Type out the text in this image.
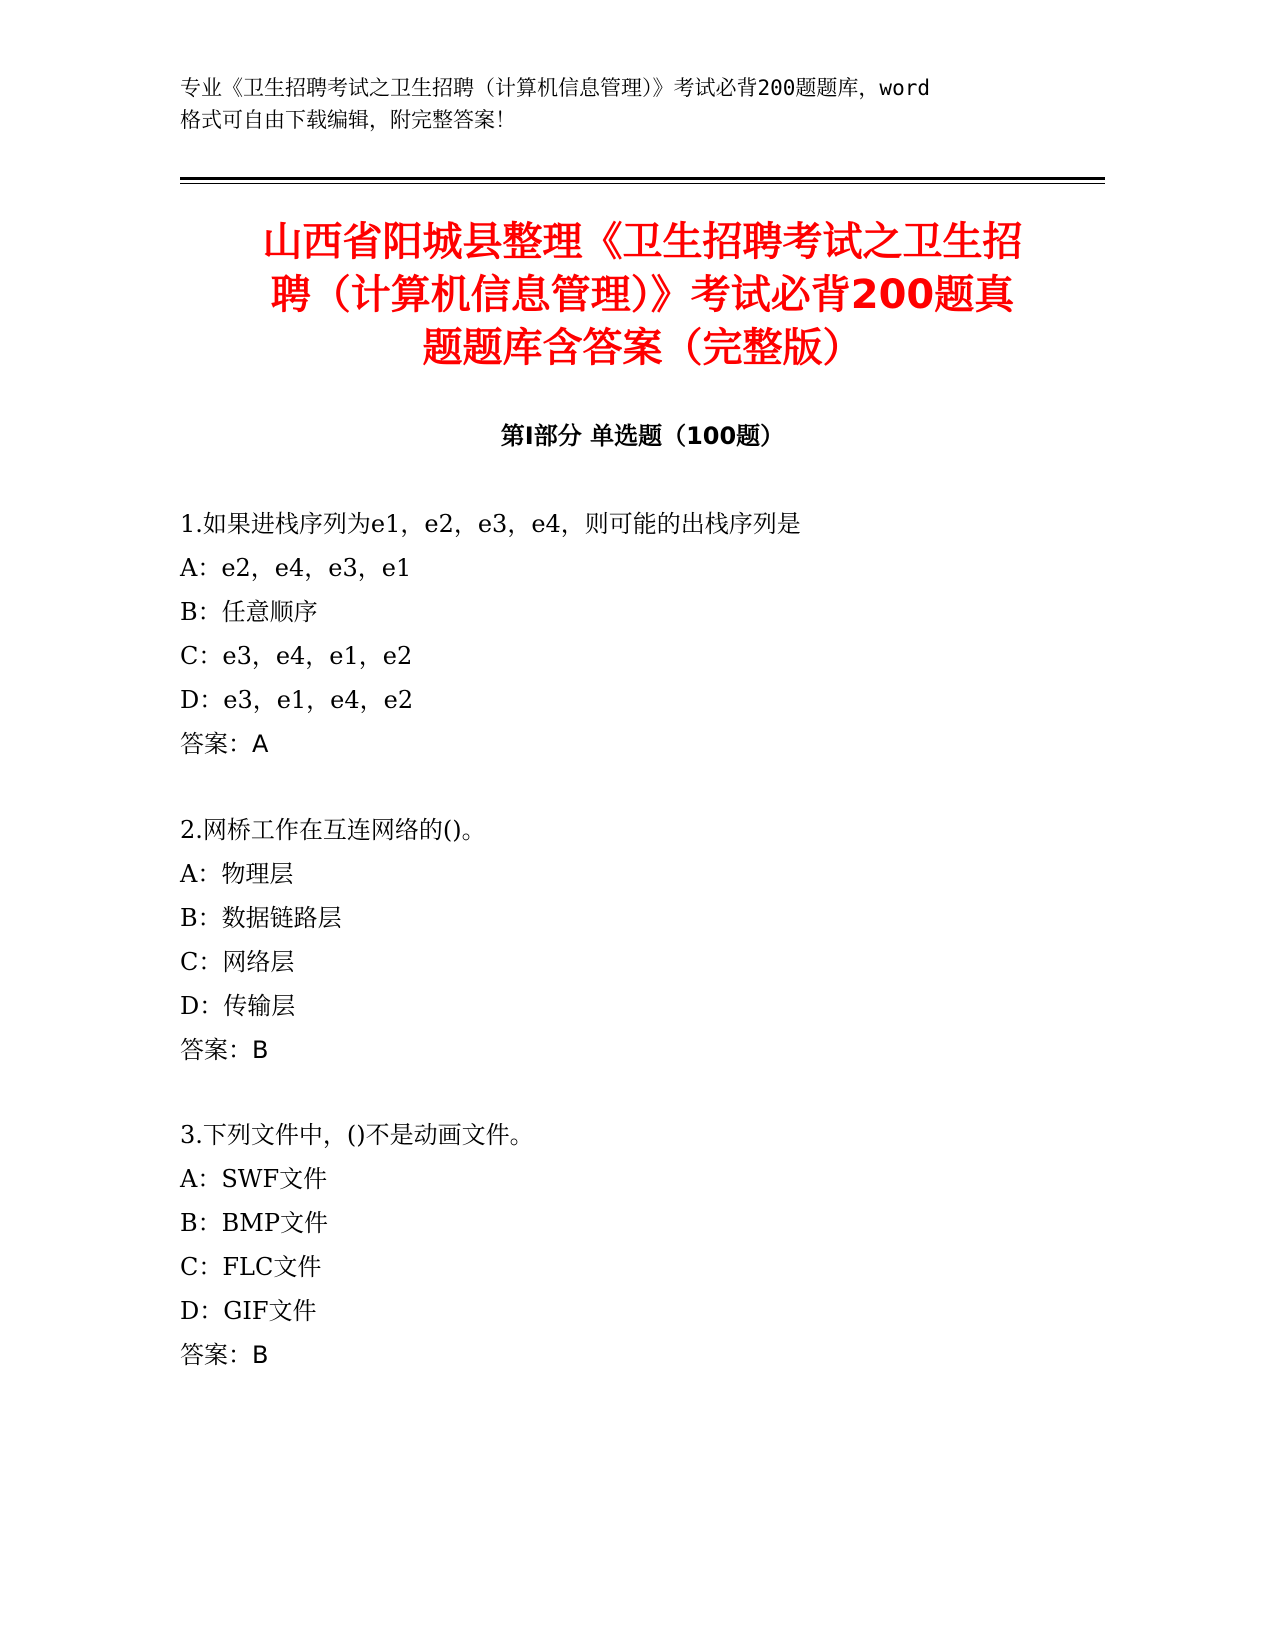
专业《卫生招聘考试之卫生招聘（计算机信息管理）》考试必背200题题库，word
格式可自由下载编辑，附完整答案！
山西省阳城县整理《卫生招聘考试之卫生招
聘（计算机信息管理）》考试必背200题真
题题库含答案（完整版）
第Ⅰ部分 单选题（100题）
1.如果进栈序列为e1，e2，e3，e4，则可能的出栈序列是
A：e2，e4，e3，e1
B：任意顺序
C：e3，e4，e1，e2
D：e3，e1，e4，e2
答案：A
2.网桥工作在互连网络的()。
A：物理层
B：数据链路层
C：网络层
D：传输层
答案：B
3.下列文件中，()不是动画文件。
A：SWF文件
B：BMP文件
C：FLC文件
D：GIF文件
答案：B
